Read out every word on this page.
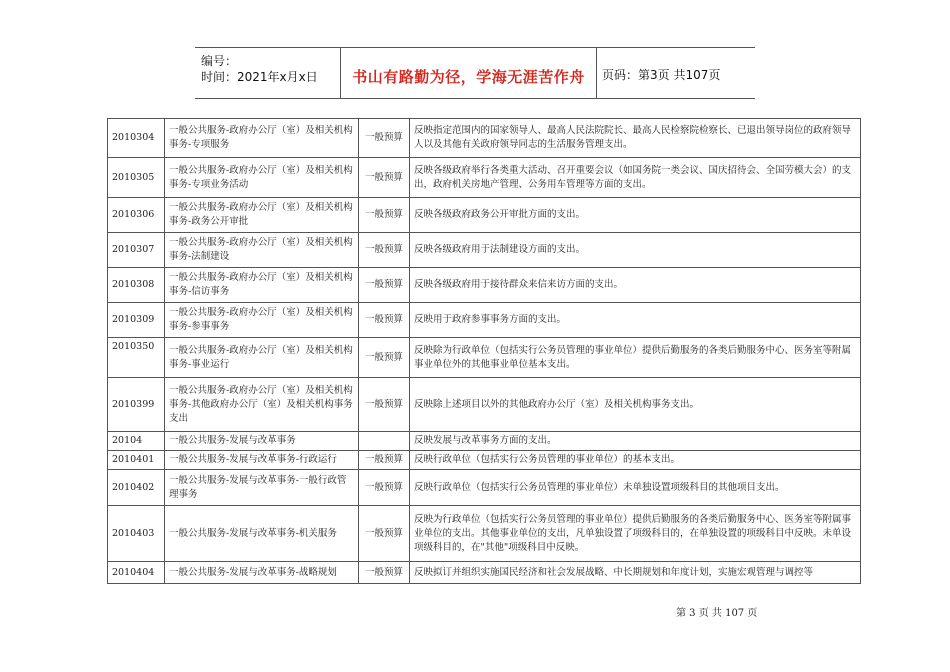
编号：
时间：2021年x月x日	书山有路勤为径，学海无涯苦作舟	页码：第3页 共107页
2010304	一般公共服务-政府办公厅（室）及相关机构事务-专项服务	一般预算	反映指定范围内的国家领导人、最高人民法院院长、最高人民检察院检察长、已退出领导岗位的政府领导人以及其他有关政府领导同志的生活服务管理支出。
2010305	一般公共服务-政府办公厅（室）及相关机构事务-专项业务活动	一般预算	反映各级政府举行各类重大活动、召开重要会议（如国务院一类会议、国庆招待会、全国劳模大会）的支出，政府机关房地产管理、公务用车管理等方面的支出。
2010306	一般公共服务-政府办公厅（室）及相关机构事务-政务公开审批	一般预算	反映各级政府政务公开审批方面的支出。
2010307	一般公共服务-政府办公厅（室）及相关机构事务-法制建设	一般预算	反映各级政府用于法制建设方面的支出。
2010308	一般公共服务-政府办公厅（室）及相关机构事务-信访事务	一般预算	反映各级政府用于接待群众来信来访方面的支出。
2010309	一般公共服务-政府办公厅（室）及相关机构事务-参事事务	一般预算	反映用于政府参事事务方面的支出。
2010350	一般公共服务-政府办公厅（室）及相关机构事务-事业运行	一般预算	反映除为行政单位（包括实行公务员管理的事业单位）提供后勤服务的各类后勤服务中心、医务室等附属事业单位外的其他事业单位基本支出。
2010399	一般公共服务-政府办公厅（室）及相关机构事务-其他政府办公厅（室）及相关机构事务支出	一般预算	反映除上述项目以外的其他政府办公厅（室）及相关机构事务支出。
20104	一般公共服务-发展与改革事务		反映发展与改革事务方面的支出。
2010401	一般公共服务-发展与改革事务-行政运行	一般预算	反映行政单位（包括实行公务员管理的事业单位）的基本支出。
2010402	一般公共服务-发展与改革事务-一般行政管理事务	一般预算	反映行政单位（包括实行公务员管理的事业单位）未单独设置项级科目的其他项目支出。
2010403	一般公共服务-发展与改革事务-机关服务	一般预算	反映为行政单位（包括实行公务员管理的事业单位）提供后勤服务的各类后勤服务中心、医务室等附属事业单位的支出。其他事业单位的支出，凡单独设置了项级科目的，在单独设置的项级科目中反映。未单设项级科目的，在"其他"项级科目中反映。
2010404	一般公共服务-发展与改革事务-战略规划	一般预算	反映拟订并组织实施国民经济和社会发展战略、中长期规划和年度计划，实施宏观管理与调控等
第 3 页 共 107 页
